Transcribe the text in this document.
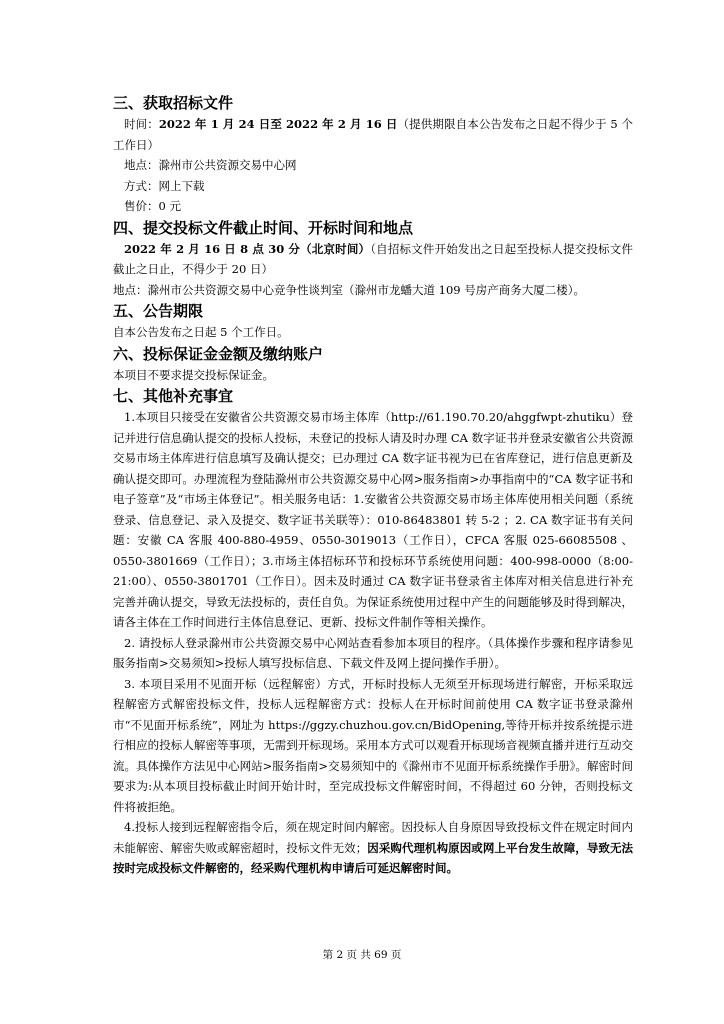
三、获取招标文件

时间：2022 年 1 月 24 日至 2022 年 2 月 16 日（提供期限自本公告发布之日起不得少于 5 个工作日）

地点：滁州市公共资源交易中心网

方式：网上下载

售价：0 元

四、提交投标文件截止时间、开标时间和地点

2022 年 2 月 16 日 8 点 30 分（北京时间）（自招标文件开始发出之日起至投标人提交投标文件截止之日止，不得少于 20 日）

地点：滁州市公共资源交易中心竞争性谈判室（滁州市龙蟠大道 109 号房产商务大厦二楼）。

五、公告期限

自本公告发布之日起 5 个工作日。

六、投标保证金金额及缴纳账户

本项目不要求提交投标保证金。

七、其他补充事宜

1.本项目只接受在安徽省公共资源交易市场主体库（http://61.190.70.20/ahggfwpt-zhutiku）登记并进行信息确认提交的投标人投标，未登记的投标人请及时办理 CA 数字证书并登录安徽省公共资源交易市场主体库进行信息填写及确认提交；已办理过 CA 数字证书视为已在省库登记，进行信息更新及确认提交即可。办理流程为登陆滁州市公共资源交易中心网>服务指南>办事指南中的“CA 数字证书和电子签章”及“市场主体登记”。相关服务电话：1.安徽省公共资源交易市场主体库使用相关问题（系统登录、信息登记、录入及提交、数字证书关联等）：010-86483801 转 5-2 ；2. CA 数字证书有关问题：安徽 CA 客服 400-880-4959、0550-3019013（工作日），CFCA 客服 025-66085508 、0550-3801669（工作日）；3.市场主体招标环节和投标环节系统使用问题：400-998-0000（8:00-21:00）、0550-3801701（工作日）。因未及时通过 CA 数字证书登录省主体库对相关信息进行补充完善并确认提交，导致无法投标的，责任自负。为保证系统使用过程中产生的问题能够及时得到解决，请各主体在工作时间进行主体信息登记、更新、投标文件制作等相关操作。

2. 请投标人登录滁州市公共资源交易中心网站查看参加本项目的程序。（具体操作步骤和程序请参见服务指南>交易须知>投标人填写投标信息、下载文件及网上提问操作手册）。

3. 本项目采用不见面开标（远程解密）方式，开标时投标人无须至开标现场进行解密，开标采取远程解密方式解密投标文件，投标人远程解密方式：投标人在开标时间前使用 CA 数字证书登录滁州市“不见面开标系统”，网址为 https://ggzy.chuzhou.gov.cn/BidOpening,等待开标并按系统提示进行相应的投标人解密等事项，无需到开标现场。采用本方式可以观看开标现场音视频直播并进行互动交流。具体操作方法见中心网站>服务指南>交易须知中的《滁州市不见面开标系统操作手册》。解密时间要求为:从本项目投标截止时间开始计时，至完成投标文件解密时间，不得超过 60 分钟，否则投标文件将被拒绝。

4.投标人接到远程解密指令后，须在规定时间内解密。因投标人自身原因导致投标文件在规定时间内未能解密、解密失败或解密超时，投标文件无效；因采购代理机构原因或网上平台发生故障，导致无法按时完成投标文件解密的，经采购代理机构申请后可延迟解密时间。

第 2 页 共 69 页
